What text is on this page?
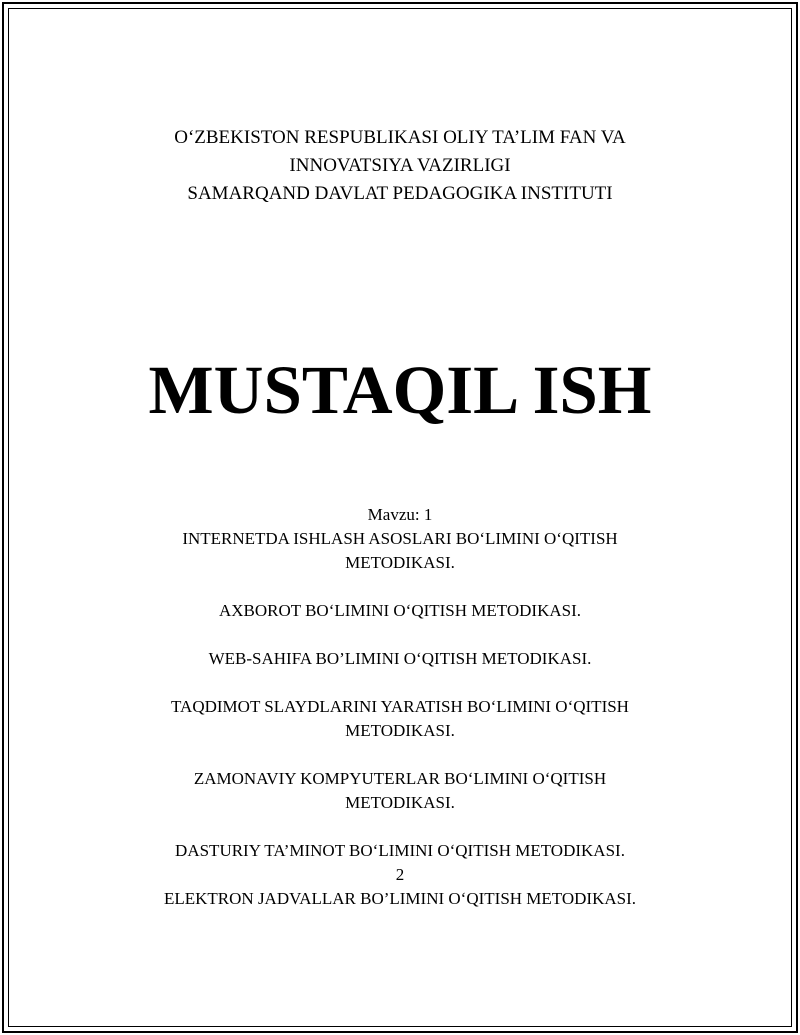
O‘ZBEKISTON RESPUBLIKASI OLIY TA’LIM FAN VA
INNOVATSIYA VAZIRLIGI
SAMARQAND DAVLAT PEDAGOGIKA INSTITUTI
MUSTAQIL ISH
Mavzu: 1
INTERNETDA ISHLASH ASOSLARI BO‘LIMINI O‘QITISH
METODIKASI.
AXBOROT BO‘LIMINI O‘QITISH METODIKASI.
WEB-SAHIFA BO’LIMINI O‘QITISH METODIKASI.
TAQDIMOT SLAYDLARINI YARATISH BO‘LIMINI O‘QITISH
METODIKASI.
ZAMONAVIY KOMPYUTERLAR BO‘LIMINI O‘QITISH
METODIKASI.
DASTURIY TA’MINOT BO‘LIMINI O‘QITISH METODIKASI.
2
ELEKTRON JADVALLAR BO’LIMINI O‘QITISH METODIKASI.
